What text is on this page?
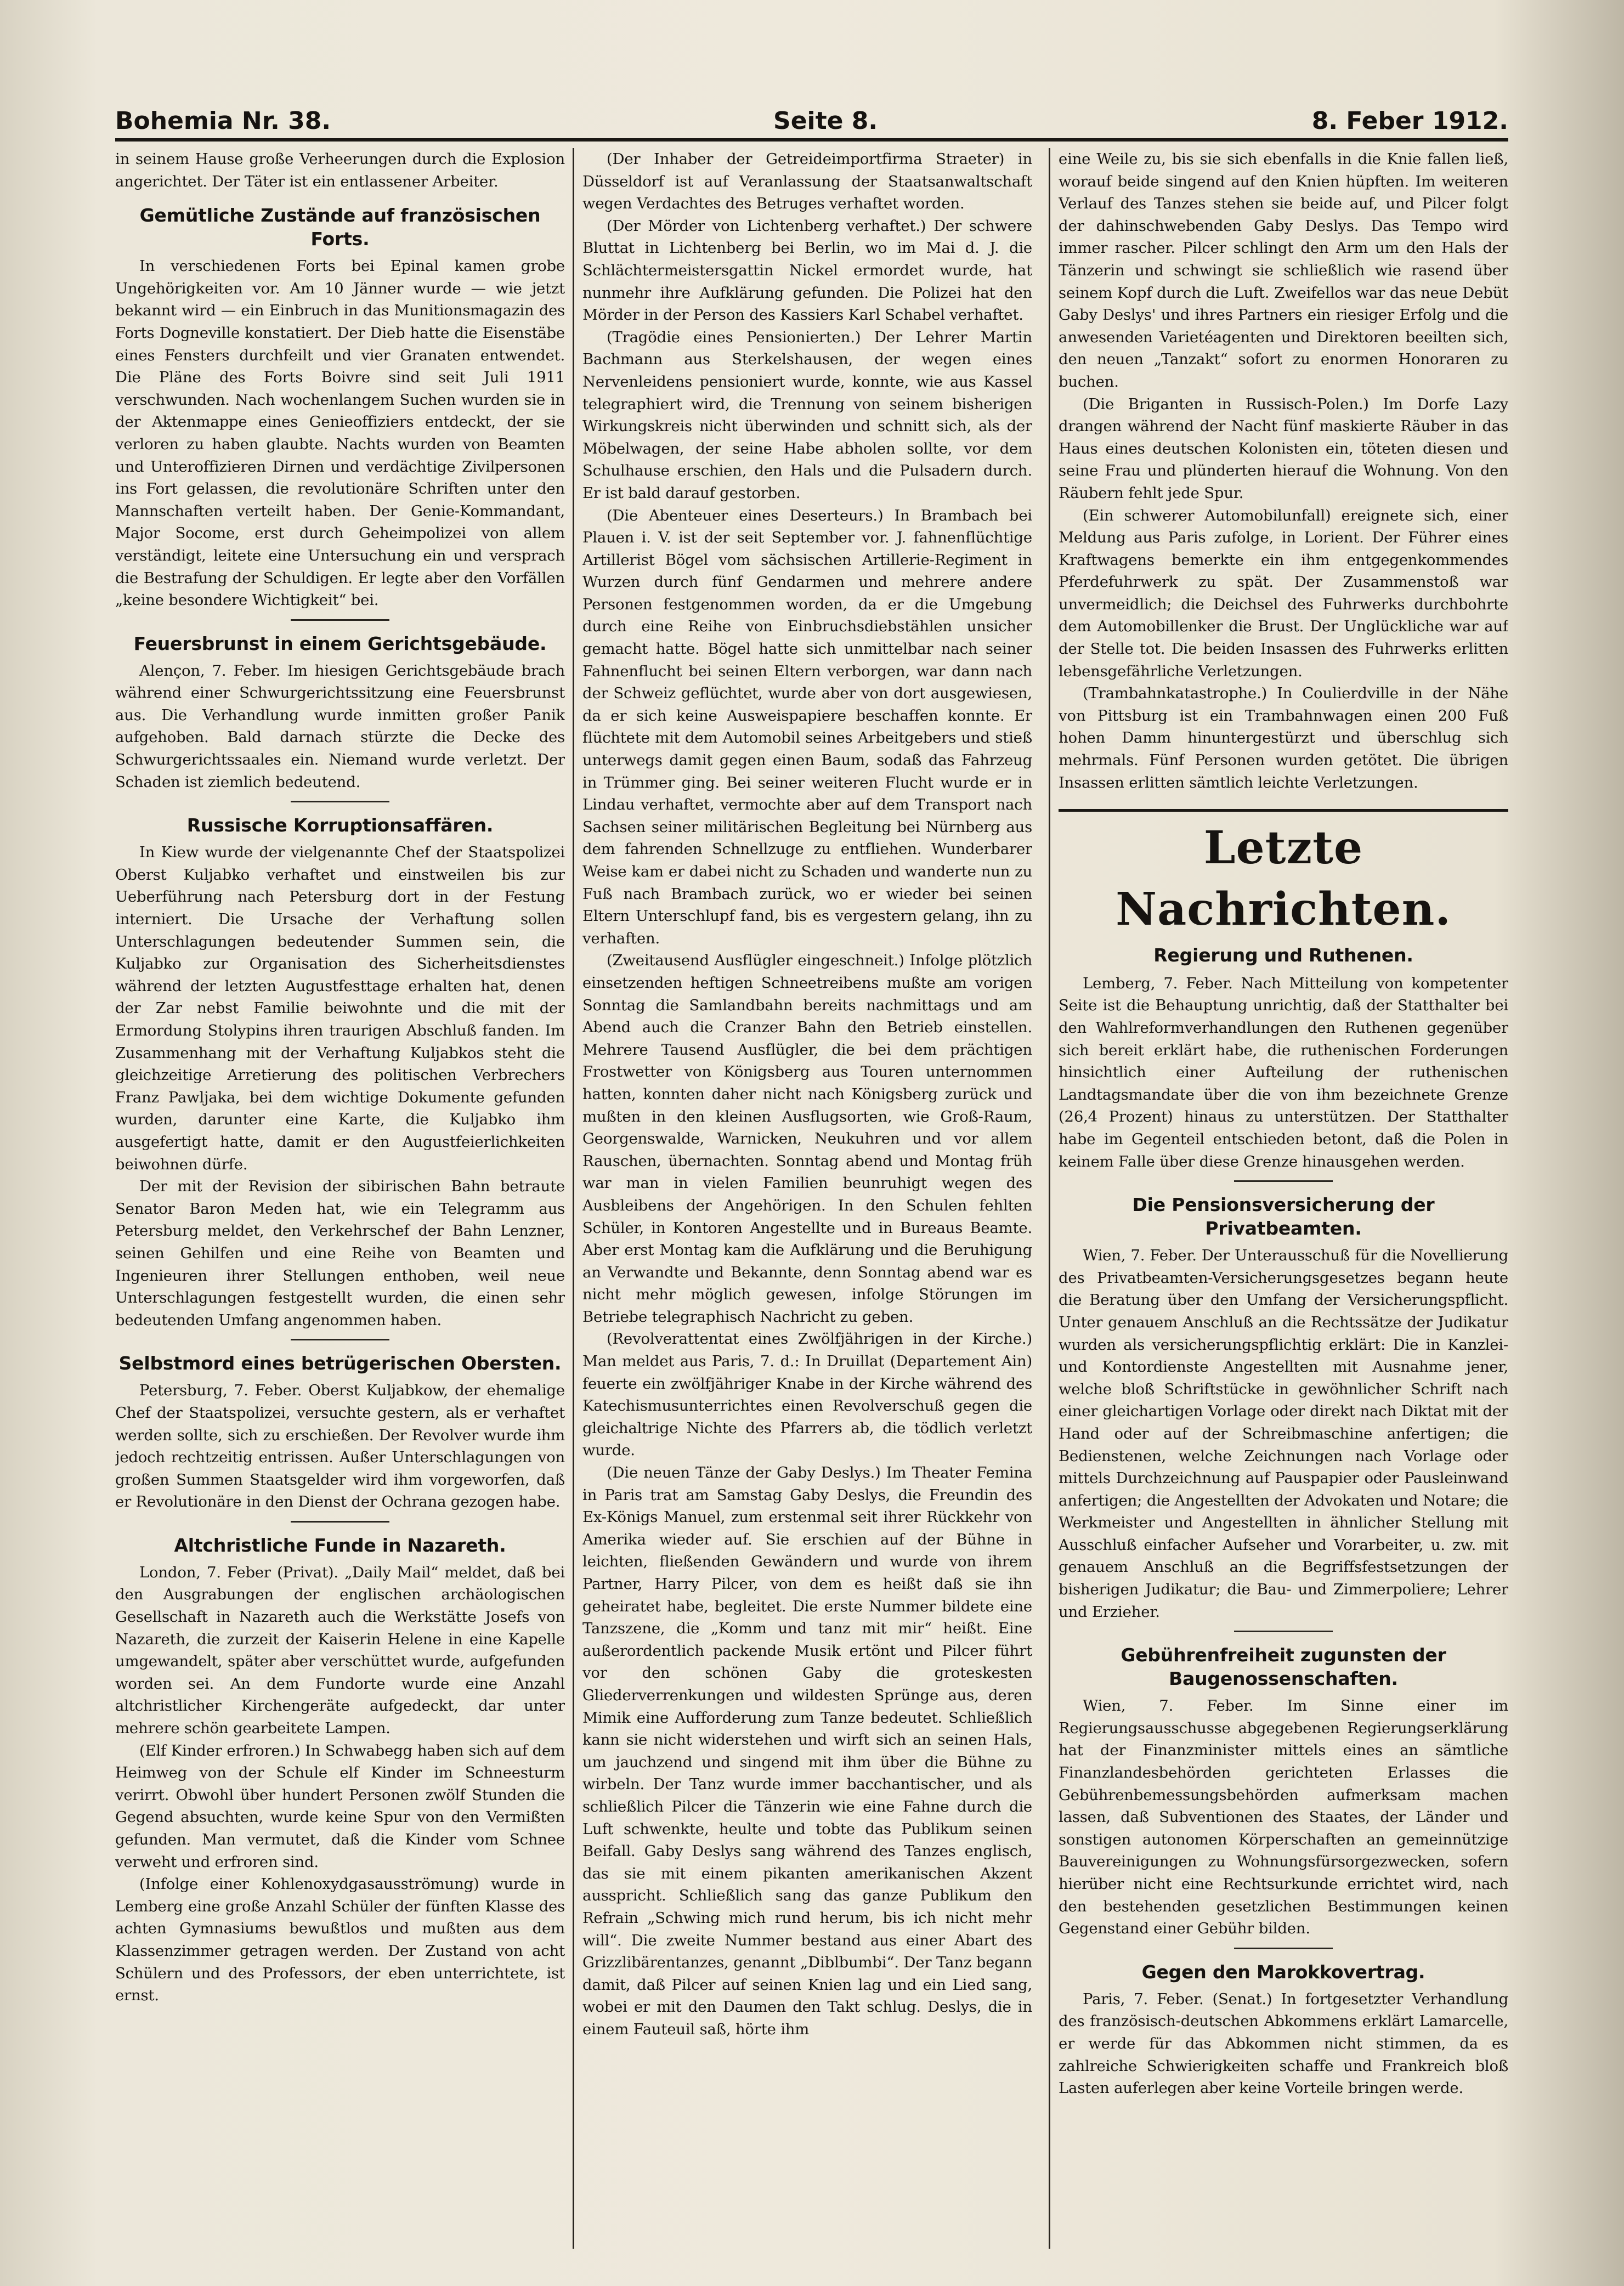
Bohemia Nr. 38.	Seite 8.	8. Feber 1912.

in seinem Hause große Verheerungen durch die Explosion angerichtet. Der Täter ist ein entlassener Arbeiter.

Gemütliche Zustände auf französischen Forts.

In verschiedenen Forts bei Epinal kamen grobe Ungehörigkeiten vor. Am 10 Jänner wurde — wie jetzt bekannt wird — ein Einbruch in das Munitionsmagazin des Forts Dogneville konstatiert. Der Dieb hatte die Eisenstäbe eines Fensters durchfeilt und vier Granaten entwendet. Die Pläne des Forts Boivre sind seit Juli 1911 verschwunden. Nach wochenlangem Suchen wurden sie in der Aktenmappe eines Genieoffiziers entdeckt, der sie verloren zu haben glaubte. Nachts wurden von Beamten und Unteroffizieren Dirnen und verdächtige Zivilpersonen ins Fort gelassen, die revolutionäre Schriften unter den Mannschaften verteilt haben. Der Genie-Kommandant, Major Socome, erst durch Geheimpolizei von allem verständigt, leitete eine Untersuchung ein und versprach die Bestrafung der Schuldigen. Er legte aber den Vorfällen „keine besondere Wichtigkeit“ bei.

Feuersbrunst in einem Gerichtsgebäude.

Alençon, 7. Feber. Im hiesigen Gerichtsgebäude brach während einer Schwurgerichtssitzung eine Feuersbrunst aus. Die Verhandlung wurde inmitten großer Panik aufgehoben. Bald darnach stürzte die Decke des Schwurgerichtssaales ein. Niemand wurde verletzt. Der Schaden ist ziemlich bedeutend.

Russische Korruptionsaffären.

In Kiew wurde der vielgenannte Chef der Staatspolizei Oberst Kuljabko verhaftet und einstweilen bis zur Ueberführung nach Petersburg dort in der Festung interniert. Die Ursache der Verhaftung sollen Unterschlagungen bedeutender Summen sein, die Kuljabko zur Organisation des Sicherheitsdienstes während der letzten Augustfesttage erhalten hat, denen der Zar nebst Familie beiwohnte und die mit der Ermordung Stolypins ihren traurigen Abschluß fanden. Im Zusammenhang mit der Verhaftung Kuljabkos steht die gleichzeitige Arretierung des politischen Verbrechers Franz Pawljaka, bei dem wichtige Dokumente gefunden wurden, darunter eine Karte, die Kuljabko ihm ausgefertigt hatte, damit er den Augustfeierlichkeiten beiwohnen dürfe.

Der mit der Revision der sibirischen Bahn betraute Senator Baron Meden hat, wie ein Telegramm aus Petersburg meldet, den Verkehrschef der Bahn Lenzner, seinen Gehilfen und eine Reihe von Beamten und Ingenieuren ihrer Stellungen enthoben, weil neue Unterschlagungen festgestellt wurden, die einen sehr bedeutenden Umfang angenommen haben.

Selbstmord eines betrügerischen Obersten.

Petersburg, 7. Feber. Oberst Kuljabkow, der ehemalige Chef der Staatspolizei, versuchte gestern, als er verhaftet werden sollte, sich zu erschießen. Der Revolver wurde ihm jedoch rechtzeitig entrissen. Außer Unterschlagungen von großen Summen Staatsgelder wird ihm vorgeworfen, daß er Revolutionäre in den Dienst der Ochrana gezogen habe.

Altchristliche Funde in Nazareth.

London, 7. Feber (Privat). „Daily Mail“ meldet, daß bei den Ausgrabungen der englischen archäologischen Gesellschaft in Nazareth auch die Werkstätte Josefs von Nazareth, die zurzeit der Kaiserin Helene in eine Kapelle umgewandelt, später aber verschüttet wurde, aufgefunden worden sei. An dem Fundorte wurde eine Anzahl altchristlicher Kirchengeräte aufgedeckt, dar unter mehrere schön gearbeitete Lampen.

(Elf Kinder erfroren.) In Schwabegg haben sich auf dem Heimweg von der Schule elf Kinder im Schneesturm verirrt. Obwohl über hundert Personen zwölf Stunden die Gegend absuchten, wurde keine Spur von den Vermißten gefunden. Man vermutet, daß die Kinder vom Schnee verweht und erfroren sind.

(Infolge einer Kohlenoxydgasausströmung) wurde in Lemberg eine große Anzahl Schüler der fünften Klasse des achten Gymnasiums bewußtlos und mußten aus dem Klassenzimmer getragen werden. Der Zustand von acht Schülern und des Professors, der eben unterrichtete, ist ernst.

(Der Inhaber der Getreideimportfirma Straeter) in Düsseldorf ist auf Veranlassung der Staatsanwaltschaft wegen Verdachtes des Betruges verhaftet worden.

(Der Mörder von Lichtenberg verhaftet.) Der schwere Bluttat in Lichtenberg bei Berlin, wo im Mai d. J. die Schlächtermeistersgattin Nickel ermordet wurde, hat nunmehr ihre Aufklärung gefunden. Die Polizei hat den Mörder in der Person des Kassiers Karl Schabel verhaftet.

(Tragödie eines Pensionierten.) Der Lehrer Martin Bachmann aus Sterkelshausen, der wegen eines Nervenleidens pensioniert wurde, konnte, wie aus Kassel telegraphiert wird, die Trennung von seinem bisherigen Wirkungskreis nicht überwinden und schnitt sich, als der Möbelwagen, der seine Habe abholen sollte, vor dem Schulhause erschien, den Hals und die Pulsadern durch. Er ist bald darauf gestorben.

(Die Abenteuer eines Deserteurs.) In Brambach bei Plauen i. V. ist der seit September vor. J. fahnenflüchtige Artillerist Bögel vom sächsischen Artillerie-Regiment in Wurzen durch fünf Gendarmen und mehrere andere Personen festgenommen worden, da er die Umgebung durch eine Reihe von Einbruchsdiebstählen unsicher gemacht hatte. Bögel hatte sich unmittelbar nach seiner Fahnenflucht bei seinen Eltern verborgen, war dann nach der Schweiz geflüchtet, wurde aber von dort ausgewiesen, da er sich keine Ausweispapiere beschaffen konnte. Er flüchtete mit dem Automobil seines Arbeitgebers und stieß unterwegs damit gegen einen Baum, sodaß das Fahrzeug in Trümmer ging. Bei seiner weiteren Flucht wurde er in Lindau verhaftet, vermochte aber auf dem Transport nach Sachsen seiner militärischen Begleitung bei Nürnberg aus dem fahrenden Schnellzuge zu entfliehen. Wunderbarer Weise kam er dabei nicht zu Schaden und wanderte nun zu Fuß nach Brambach zurück, wo er wieder bei seinen Eltern Unterschlupf fand, bis es vergestern gelang, ihn zu verhaften.

(Zweitausend Ausflügler eingeschneit.) Infolge plötzlich einsetzenden heftigen Schneetreibens mußte am vorigen Sonntag die Samlandbahn bereits nachmittags und am Abend auch die Cranzer Bahn den Betrieb einstellen. Mehrere Tausend Ausflügler, die bei dem prächtigen Frostwetter von Königsberg aus Touren unternommen hatten, konnten daher nicht nach Königsberg zurück und mußten in den kleinen Ausflugsorten, wie Groß-Raum, Georgenswalde, Warnicken, Neukuhren und vor allem Rauschen, übernachten. Sonntag abend und Montag früh war man in vielen Familien beunruhigt wegen des Ausbleibens der Angehörigen. In den Schulen fehlten Schüler, in Kontoren Angestellte und in Bureaus Beamte. Aber erst Montag kam die Aufklärung und die Beruhigung an Verwandte und Bekannte, denn Sonntag abend war es nicht mehr möglich gewesen, infolge Störungen im Betriebe telegraphisch Nachricht zu geben.

(Revolverattentat eines Zwölfjährigen in der Kirche.) Man meldet aus Paris, 7. d.: In Druillat (Departement Ain) feuerte ein zwölfjähriger Knabe in der Kirche während des Katechismusunterrichtes einen Revolverschuß gegen die gleichaltrige Nichte des Pfarrers ab, die tödlich verletzt wurde.

(Die neuen Tänze der Gaby Deslys.) Im Theater Femina in Paris trat am Samstag Gaby Deslys, die Freundin des Ex-Königs Manuel, zum erstenmal seit ihrer Rückkehr von Amerika wieder auf. Sie erschien auf der Bühne in leichten, fließenden Gewändern und wurde von ihrem Partner, Harry Pilcer, von dem es heißt daß sie ihn geheiratet habe, begleitet. Die erste Nummer bildete eine Tanzszene, die „Komm und tanz mit mir“ heißt. Eine außerordentlich packende Musik ertönt und Pilcer führt vor den schönen Gaby die groteskesten Gliederverrenkungen und wildesten Sprünge aus, deren Mimik eine Aufforderung zum Tanze bedeutet. Schließlich kann sie nicht widerstehen und wirft sich an seinen Hals, um jauchzend und singend mit ihm über die Bühne zu wirbeln. Der Tanz wurde immer bacchantischer, und als schließlich Pilcer die Tänzerin wie eine Fahne durch die Luft schwenkte, heulte und tobte das Publikum seinen Beifall. Gaby Deslys sang während des Tanzes englisch, das sie mit einem pikanten amerikanischen Akzent ausspricht. Schließlich sang das ganze Publikum den Refrain „Schwing mich rund herum, bis ich nicht mehr will“. Die zweite Nummer bestand aus einer Abart des Grizzlibärentanzes, genannt „Diblbumbi“. Der Tanz begann damit, daß Pilcer auf seinen Knien lag und ein Lied sang, wobei er mit den Daumen den Takt schlug. Deslys, die in einem Fauteuil saß, hörte ihm

eine Weile zu, bis sie sich ebenfalls in die Knie fallen ließ, worauf beide singend auf den Knien hüpften. Im weiteren Verlauf des Tanzes stehen sie beide auf, und Pilcer folgt der dahinschwebenden Gaby Deslys. Das Tempo wird immer rascher. Pilcer schlingt den Arm um den Hals der Tänzerin und schwingt sie schließlich wie rasend über seinem Kopf durch die Luft. Zweifellos war das neue Debüt Gaby Deslys' und ihres Partners ein riesiger Erfolg und die anwesenden Varietéagenten und Direktoren beeilten sich, den neuen „Tanzakt“ sofort zu enormen Honoraren zu buchen.

(Die Briganten in Russisch-Polen.) Im Dorfe Lazy drangen während der Nacht fünf maskierte Räuber in das Haus eines deutschen Kolonisten ein, töteten diesen und seine Frau und plünderten hierauf die Wohnung. Von den Räubern fehlt jede Spur.

(Ein schwerer Automobilunfall) ereignete sich, einer Meldung aus Paris zufolge, in Lorient. Der Führer eines Kraftwagens bemerkte ein ihm entgegenkommendes Pferdefuhrwerk zu spät. Der Zusammenstoß war unvermeidlich; die Deichsel des Fuhrwerks durchbohrte dem Automobillenker die Brust. Der Unglückliche war auf der Stelle tot. Die beiden Insassen des Fuhrwerks erlitten lebensgefährliche Verletzungen.

(Trambahnkatastrophe.) In Coulierdville in der Nähe von Pittsburg ist ein Trambahnwagen einen 200 Fuß hohen Damm hinuntergestürzt und überschlug sich mehrmals. Fünf Personen wurden getötet. Die übrigen Insassen erlitten sämtlich leichte Verletzungen.

Letzte Nachrichten.
Regierung und Ruthenen.

Lemberg, 7. Feber. Nach Mitteilung von kompetenter Seite ist die Behauptung unrichtig, daß der Statthalter bei den Wahlreformverhandlungen den Ruthenen gegenüber sich bereit erklärt habe, die ruthenischen Forderungen hinsichtlich einer Aufteilung der ruthenischen Landtagsmandate über die von ihm bezeichnete Grenze (26,4 Prozent) hinaus zu unterstützen. Der Statthalter habe im Gegenteil entschieden betont, daß die Polen in keinem Falle über diese Grenze hinausgehen werden.

Die Pensionsversicherung der Privatbeamten.

Wien, 7. Feber. Der Unterausschuß für die Novellierung des Privatbeamten-Versicherungsgesetzes begann heute die Beratung über den Umfang der Versicherungspflicht. Unter genauem Anschluß an die Rechtssätze der Judikatur wurden als versicherungspflichtig erklärt: Die in Kanzlei- und Kontordienste Angestellten mit Ausnahme jener, welche bloß Schriftstücke in gewöhnlicher Schrift nach einer gleichartigen Vorlage oder direkt nach Diktat mit der Hand oder auf der Schreibmaschine anfertigen; die Bedienstenen, welche Zeichnungen nach Vorlage oder mittels Durchzeichnung auf Pauspapier oder Pausleinwand anfertigen; die Angestellten der Advokaten und Notare; die Werkmeister und Angestellten in ähnlicher Stellung mit Ausschluß einfacher Aufseher und Vorarbeiter, u. zw. mit genauem Anschluß an die Begriffsfestsetzungen der bisherigen Judikatur; die Bau- und Zimmerpoliere; Lehrer und Erzieher.

Gebührenfreiheit zugunsten der Baugenossenschaften.

Wien, 7. Feber. Im Sinne einer im Regierungsausschusse abgegebenen Regierungserklärung hat der Finanzminister mittels eines an sämtliche Finanzlandesbehörden gerichteten Erlasses die Gebührenbemessungsbehörden aufmerksam machen lassen, daß Subventionen des Staates, der Länder und sonstigen autonomen Körperschaften an gemeinnützige Bauvereinigungen zu Wohnungsfürsorgezwecken, sofern hierüber nicht eine Rechtsurkunde errichtet wird, nach den bestehenden gesetzlichen Bestimmungen keinen Gegenstand einer Gebühr bilden.

Gegen den Marokkovertrag.

Paris, 7. Feber. (Senat.) In fortgesetzter Verhandlung des französisch-deutschen Abkommens erklärt Lamarcelle, er werde für das Abkommen nicht stimmen, da es zahlreiche Schwierigkeiten schaffe und Frankreich bloß Lasten auferlegen aber keine Vorteile bringen werde.
